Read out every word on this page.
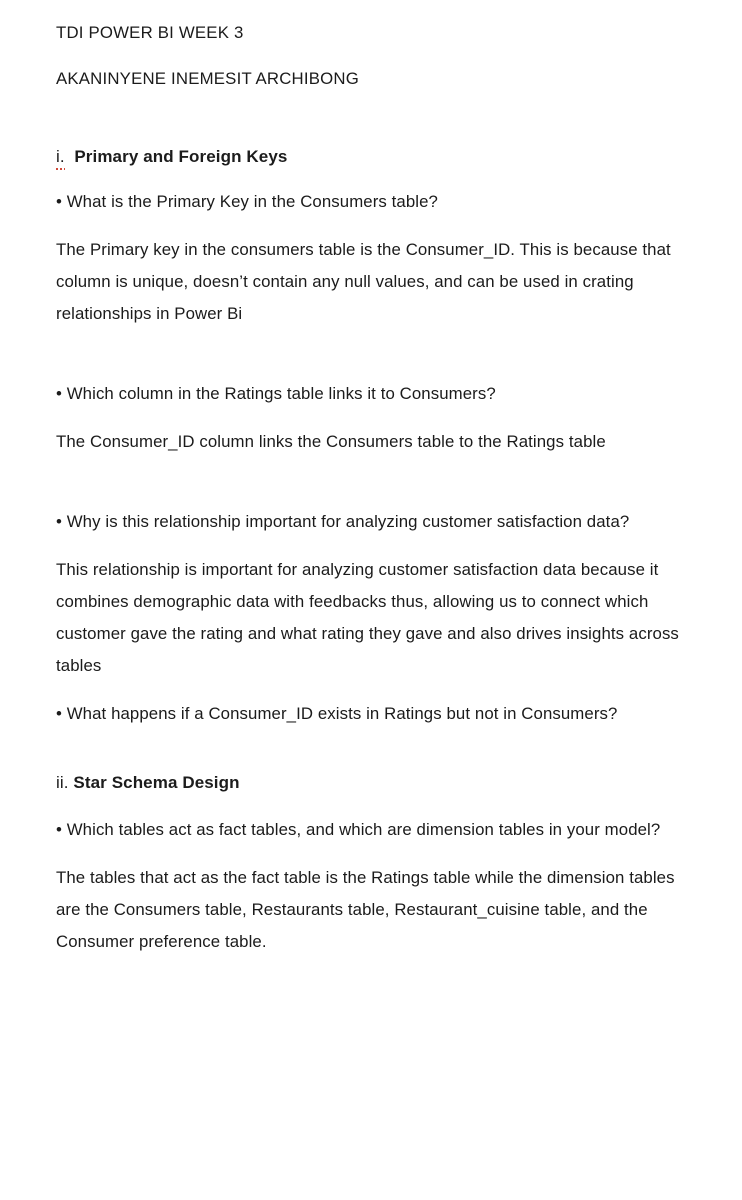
TDI POWER BI WEEK 3

AKANINYENE INEMESIT ARCHIBONG

i. Primary and Foreign Keys

• What is the Primary Key in the Consumers table?

The Primary key in the consumers table is the Consumer_ID. This is because that column is unique, doesn’t contain any null values, and can be used in crating relationships in Power Bi

• Which column in the Ratings table links it to Consumers?

The Consumer_ID column links the Consumers table to the Ratings table

• Why is this relationship important for analyzing customer satisfaction data?

This relationship is important for analyzing customer satisfaction data because it combines demographic data with feedbacks thus, allowing us to connect which customer gave the rating and what rating they gave and also drives insights across tables

• What happens if a Consumer_ID exists in Ratings but not in Consumers?

ii. Star Schema Design

• Which tables act as fact tables, and which are dimension tables in your model?

The tables that act as the fact table is the Ratings table while the dimension tables are the Consumers table, Restaurants table, Restaurant_cuisine table, and the Consumer preference table.
